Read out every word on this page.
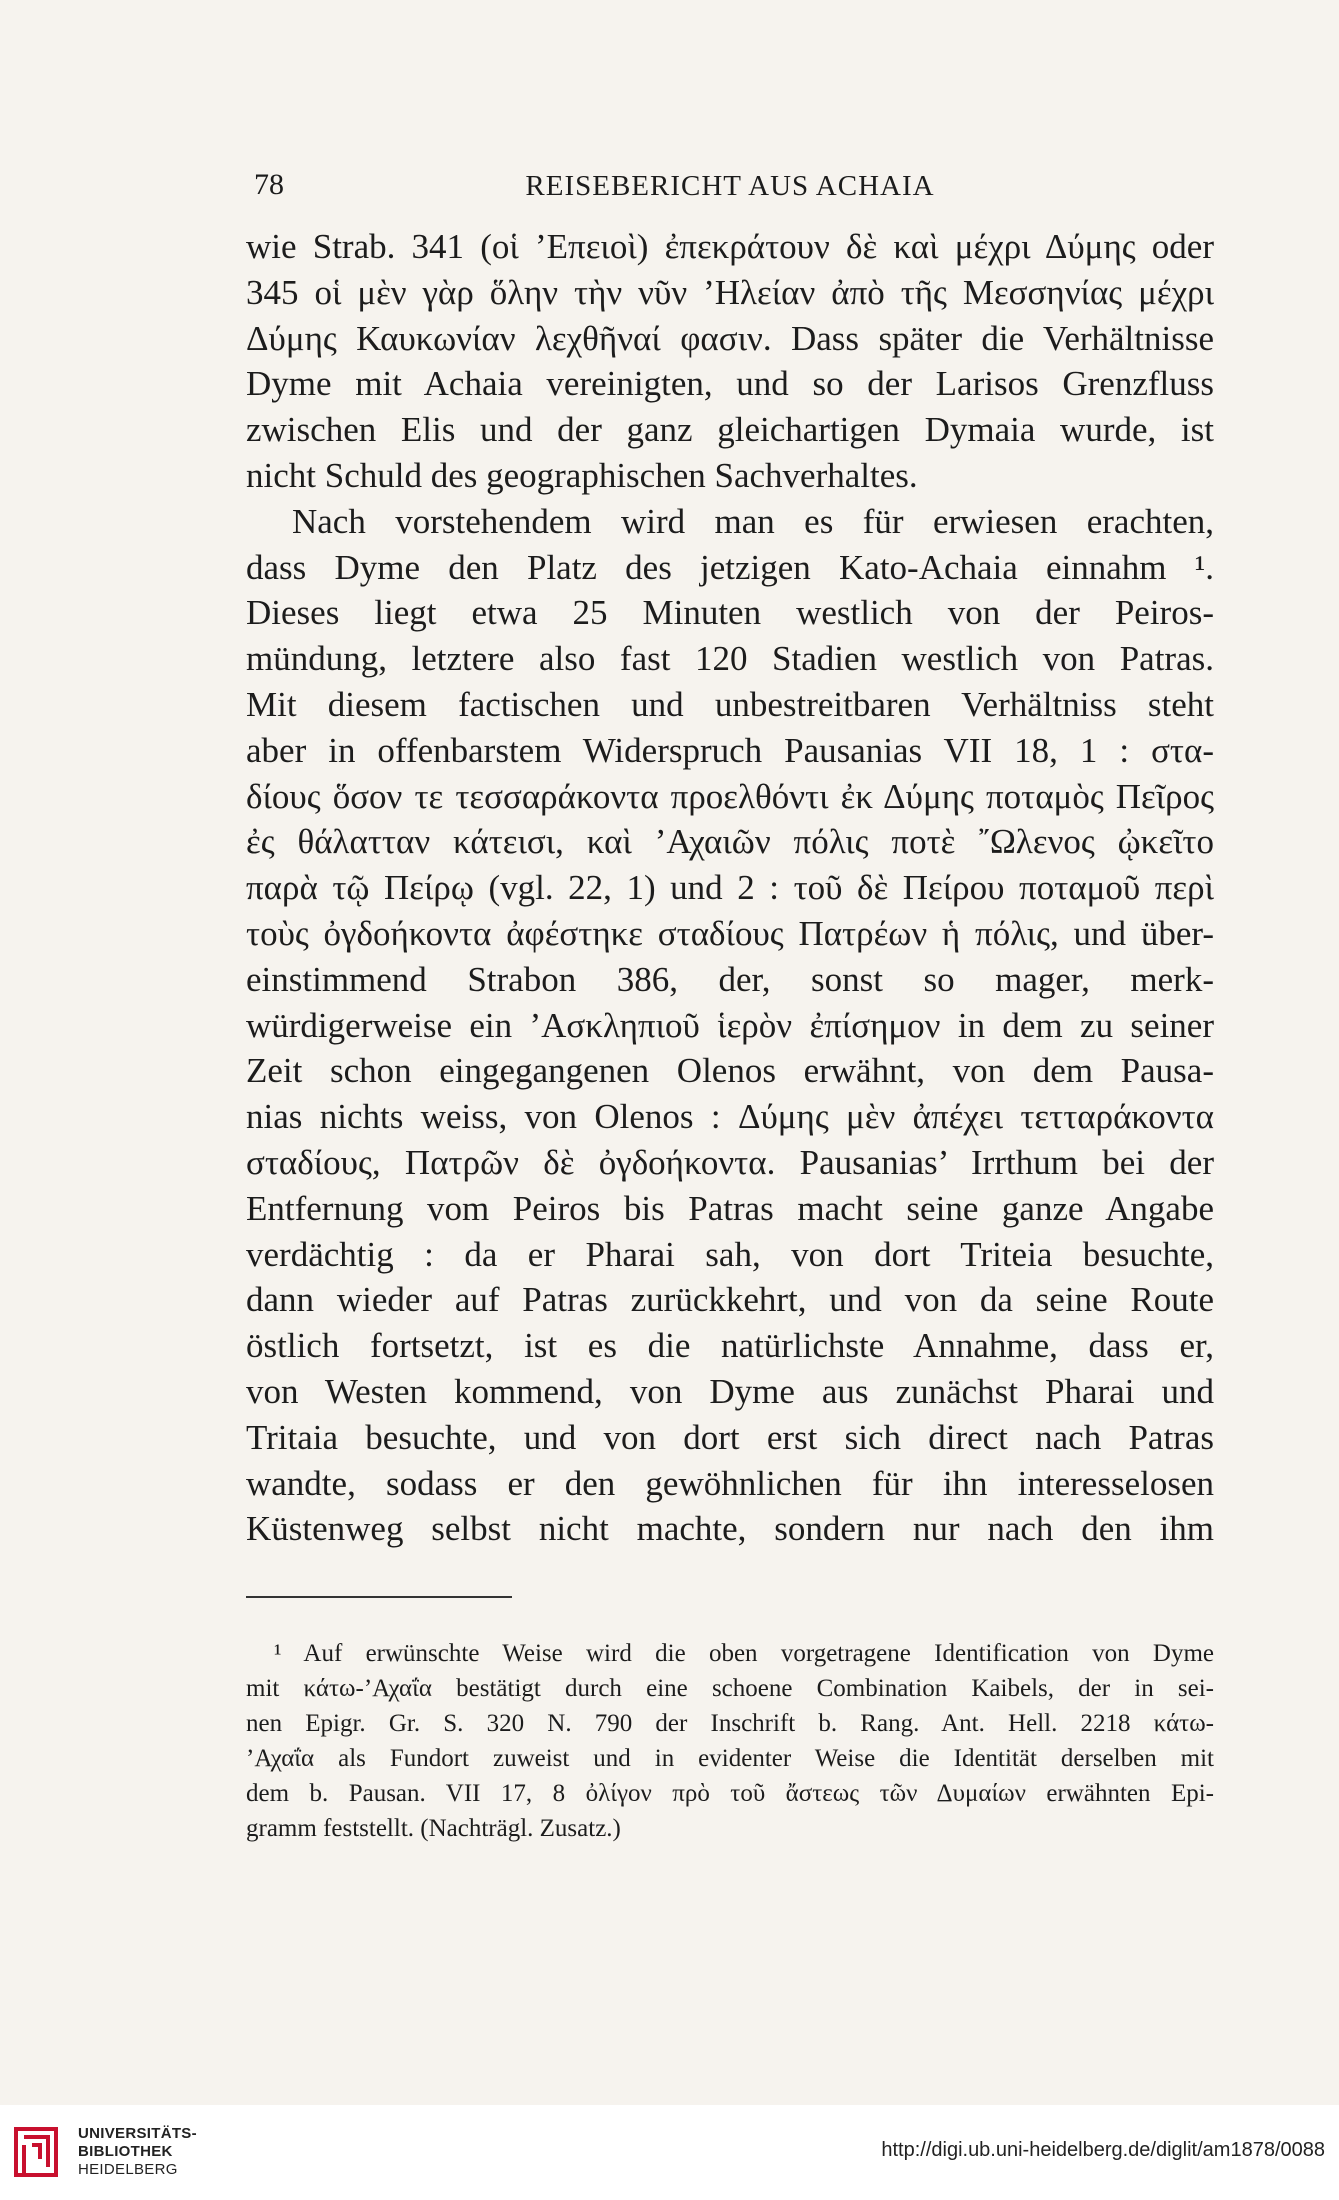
78	REISEBERICHT AUS ACHAIA
wie Strab. 341 (οἱ ’Επειοὶ) ἐπεκράτουν δὲ καὶ μέχρι Δύμης oder
345 οἱ μὲν γὰρ ὅλην τὴν νῦν ’Ηλείαν ἀπὸ τῆς Μεσσηνίας μέχρι
Δύμης Καυκωνίαν λεχθῆναί φασιν. Dass später die Verhältnisse
Dyme mit Achaia vereinigten, und so der Larisos Grenzfluss
zwischen Elis und der ganz gleichartigen Dymaia wurde, ist
nicht Schuld des geographischen Sachverhaltes.
Nach vorstehendem wird man es für erwiesen erachten,
dass Dyme den Platz des jetzigen Kato-Achaia einnahm ¹.
Dieses liegt etwa 25 Minuten westlich von der Peiros-
mündung, letztere also fast 120 Stadien westlich von Patras.
Mit diesem factischen und unbestreitbaren Verhältniss steht
aber in offenbarstem Widerspruch Pausanias VII 18, 1 : στα-
δίους ὅσον τε τεσσαράκοντα προελθόντι ἐκ Δύμης ποταμὸς Πεῖρος
ἐς θάλατταν κάτεισι, καὶ ’Αχαιῶν πόλις ποτὲ ῎Ωλενος ᾠκεῖτο
παρὰ τῷ Πείρῳ (vgl. 22, 1) und 2 : τοῦ δὲ Πείρου ποταμοῦ περὶ
τοὺς ὀγδοήκοντα ἀφέστηκε σταδίους Πατρέων ἡ πόλις, und über-
einstimmend Strabon 386, der, sonst so mager, merk-
würdigerweise ein ’Ασκληπιοῦ ἱερὸν ἐπίσημον in dem zu seiner
Zeit schon eingegangenen Olenos erwähnt, von dem Pausa-
nias nichts weiss, von Olenos : Δύμης μὲν ἀπέχει τετταράκοντα
σταδίους, Πατρῶν δὲ ὀγδοήκοντα. Pausanias’ Irrthum bei der
Entfernung vom Peiros bis Patras macht seine ganze Angabe
verdächtig : da er Pharai sah, von dort Triteia besuchte,
dann wieder auf Patras zurückkehrt, und von da seine Route
östlich fortsetzt, ist es die natürlichste Annahme, dass er,
von Westen kommend, von Dyme aus zunächst Pharai und
Tritaia besuchte, und von dort erst sich direct nach Patras
wandte, sodass er den gewöhnlichen für ihn interesselosen
Küstenweg selbst nicht machte, sondern nur nach den ihm
¹ Auf erwünschte Weise wird die oben vorgetragene Identification von Dyme
mit κάτω-’Αχαΐα bestätigt durch eine schoene Combination Kaibels, der in sei-
nen Epigr. Gr. S. 320 N. 790 der Inschrift b. Rang. Ant. Hell. 2218 κάτω-
’Αχαΐα als Fundort zuweist und in evidenter Weise die Identität derselben mit
dem b. Pausan. VII 17, 8 ὀλίγον πρὸ τοῦ ἄστεως τῶν Δυμαίων erwähnten Epi-
gramm feststellt. (Nachträgl. Zusatz.)
UNIVERSITÄTS-
BIBLIOTHEK
HEIDELBERG
http://digi.ub.uni-heidelberg.de/diglit/am1878/0088
